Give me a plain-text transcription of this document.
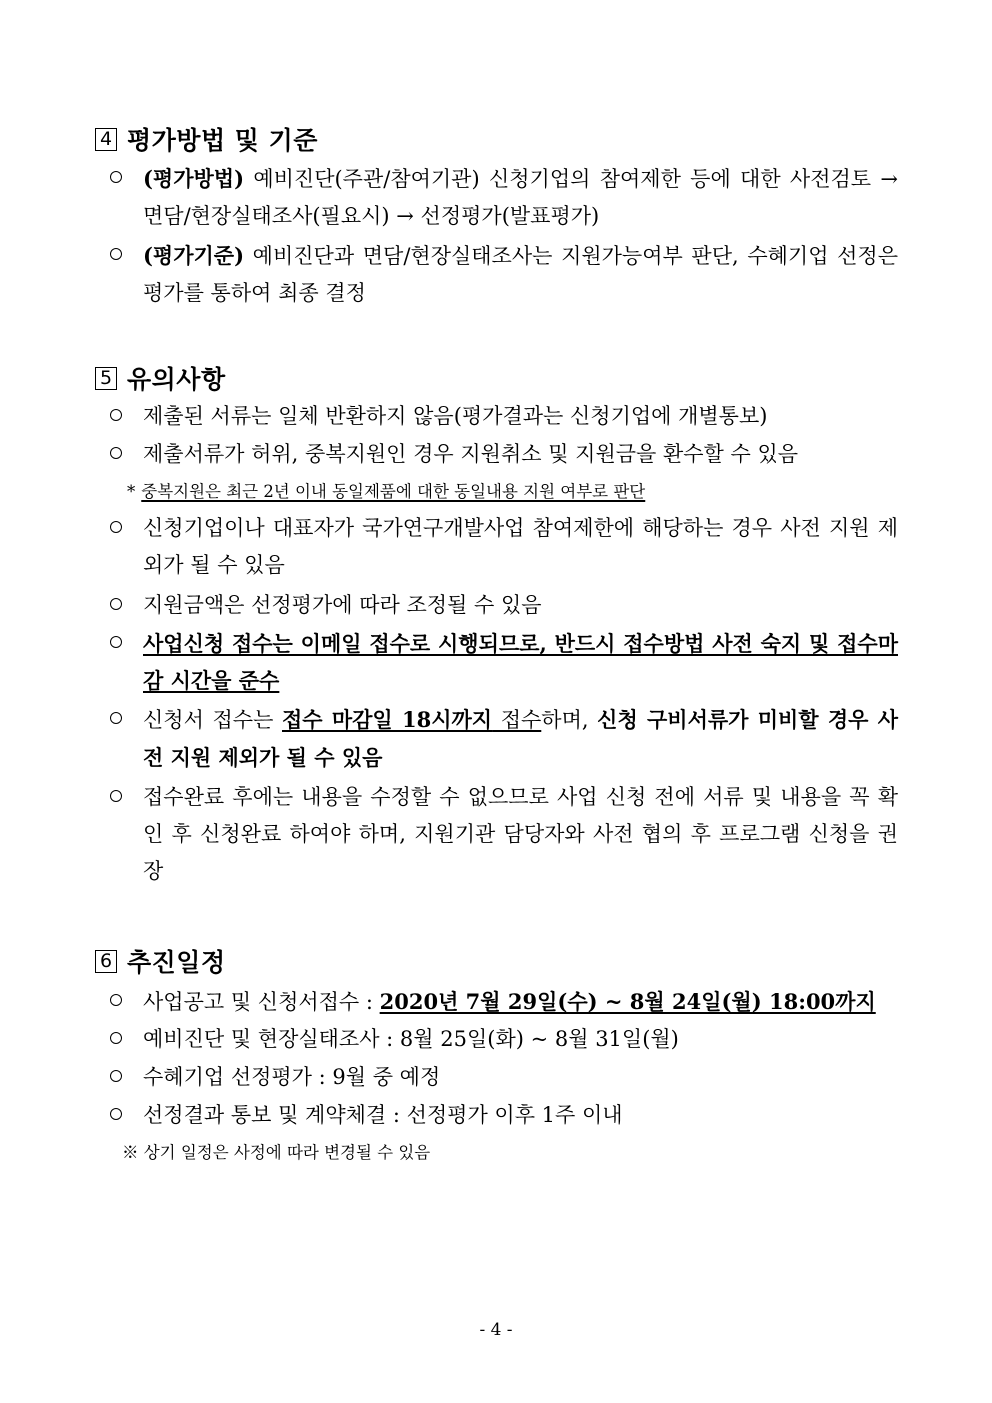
4 평가방법 및 기준
(평가방법) 예비진단(주관/참여기관) 신청기업의 참여제한 등에 대한 사전검토 → 면담/현장실태조사(필요시) → 선정평가(발표평가)
(평가기준) 예비진단과 면담/현장실태조사는 지원가능여부 판단, 수혜기업 선정은 평가를 통하여 최종 결정
5 유의사항
제출된 서류는 일체 반환하지 않음(평가결과는 신청기업에 개별통보)
제출서류가 허위, 중복지원인 경우 지원취소 및 지원금을 환수할 수 있음
* 중복지원은 최근 2년 이내 동일제품에 대한 동일내용 지원 여부로 판단
신청기업이나 대표자가 국가연구개발사업 참여제한에 해당하는 경우 사전 지원 제외가 될 수 있음
지원금액은 선정평가에 따라 조정될 수 있음
사업신청 접수는 이메일 접수로 시행되므로, 반드시 접수방법 사전 숙지 및 접수마감 시간을 준수
신청서 접수는 접수 마감일 18시까지 접수하며, 신청 구비서류가 미비할 경우 사전 지원 제외가 될 수 있음
접수완료 후에는 내용을 수정할 수 없으므로 사업 신청 전에 서류 및 내용을 꼭 확인 후 신청완료 하여야 하며, 지원기관 담당자와 사전 협의 후 프로그램 신청을 권장
6 추진일정
사업공고 및 신청서접수 : 2020년 7월 29일(수) ~ 8월 24일(월) 18:00까지
예비진단 및 현장실태조사 : 8월 25일(화) ~ 8월 31일(월)
수혜기업 선정평가 : 9월 중 예정
선정결과 통보 및 계약체결 : 선정평가 이후 1주 이내
※ 상기 일정은 사정에 따라 변경될 수 있음
- 4 -
